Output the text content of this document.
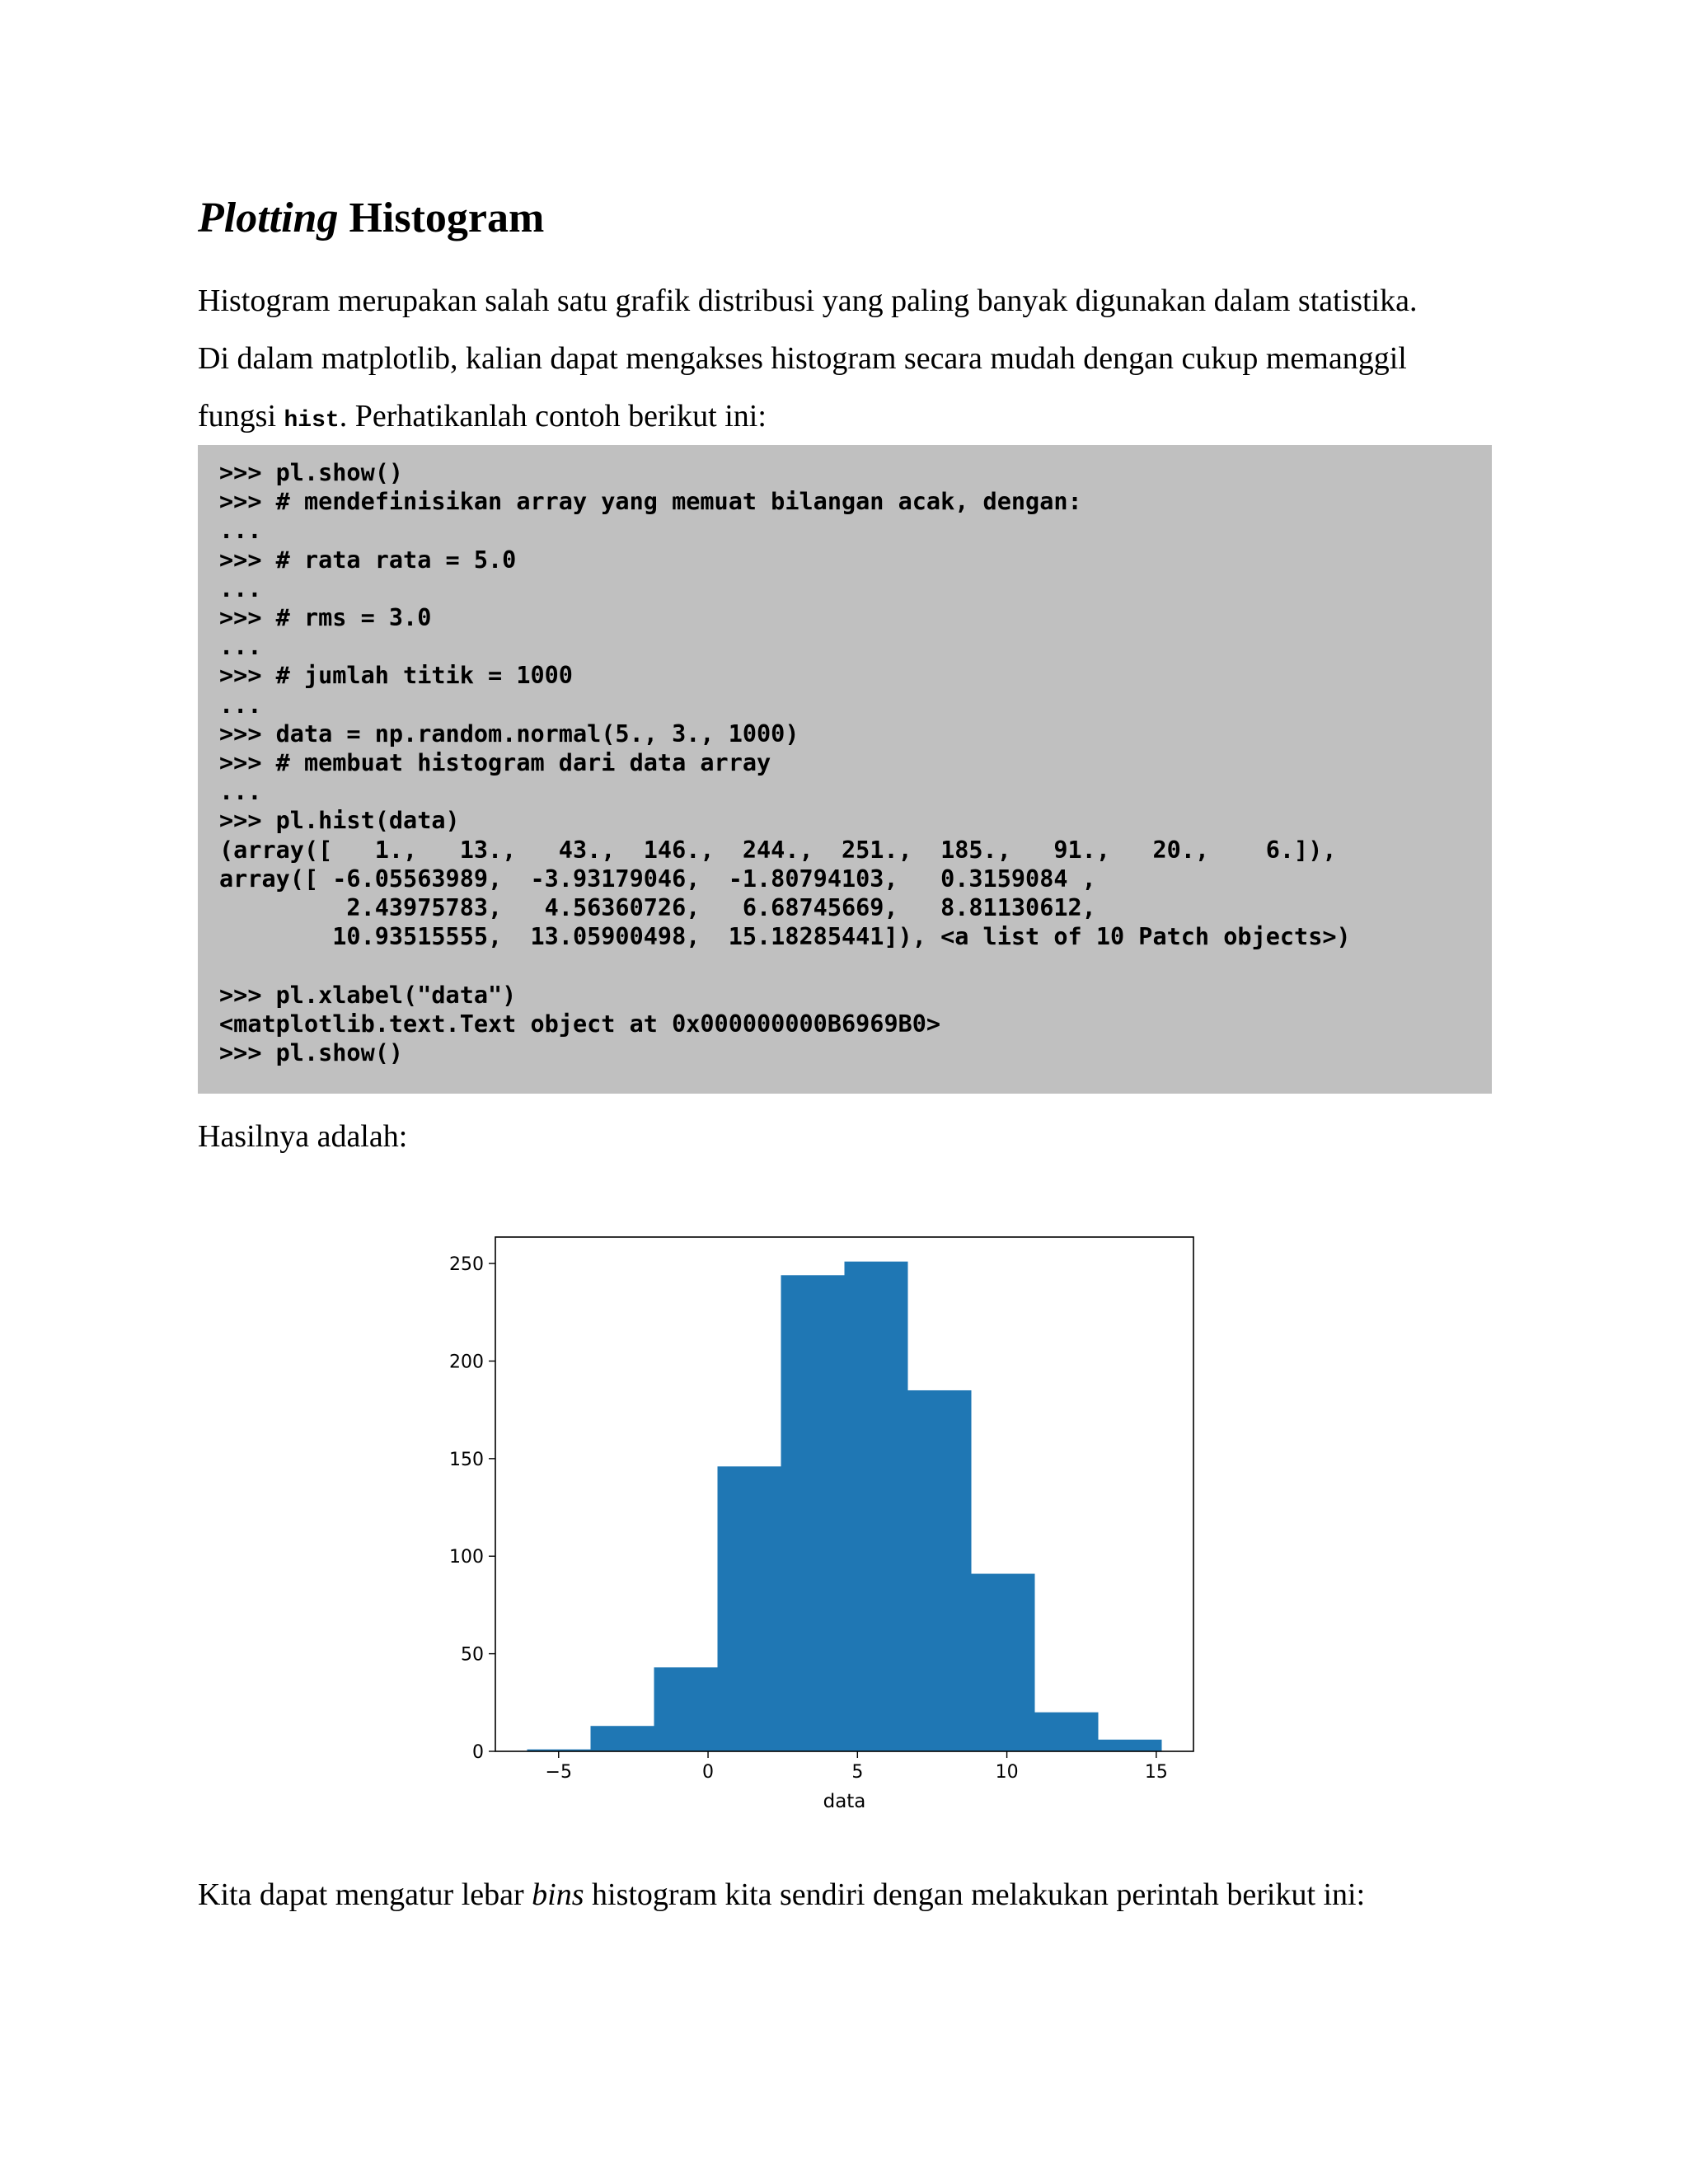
Plotting Histogram

Histogram merupakan salah satu grafik distribusi yang paling banyak digunakan dalam statistika.

Di dalam matplotlib, kalian dapat mengakses histogram secara mudah dengan cukup memanggil

fungsi hist. Perhatikanlah contoh berikut ini:

>>> pl.show()
>>> # mendefinisikan array yang memuat bilangan acak, dengan:
...
>>> # rata rata = 5.0
...
>>> # rms = 3.0
...
>>> # jumlah titik = 1000
...
>>> data = np.random.normal(5., 3., 1000)
>>> # membuat histogram dari data array
...
>>> pl.hist(data)
(array([   1.,   13.,   43.,  146.,  244.,  251.,  185.,   91.,   20.,    6.]),
array([ -6.05563989,  -3.93179046,  -1.80794103,   0.3159084 ,
2.43975783,   4.56360726,   6.68745669,   8.81130612,
10.93515555,  13.05900498,  15.18285441]), <a list of 10 Patch objects>)

>>> pl.xlabel("data")
<matplotlib.text.Text object at 0x000000000B6969B0>
>>> pl.show()

Hasilnya adalah:

−5	0	5	10	15
0
50
100
150
200
250
data

Kita dapat mengatur lebar bins histogram kita sendiri dengan melakukan perintah berikut ini:
